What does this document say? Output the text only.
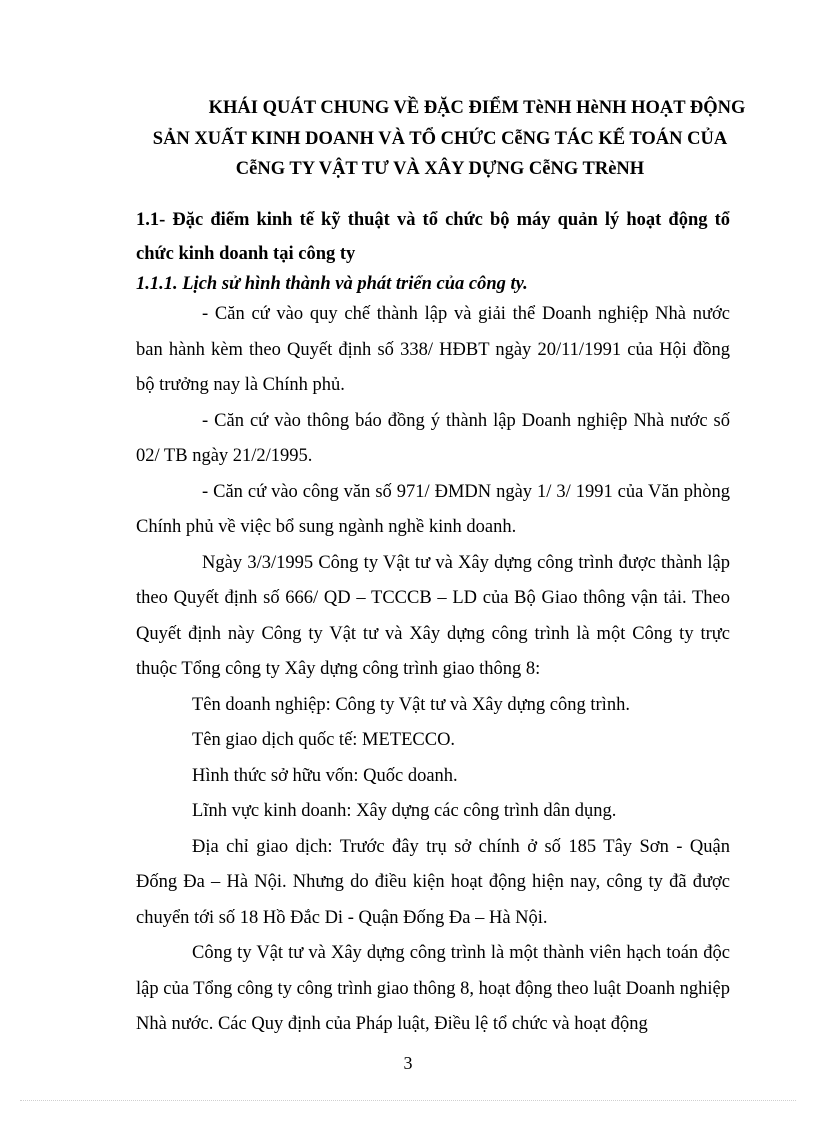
KHÁI QUÁT CHUNG VỀ ĐẶC ĐIỂM TèNH HèNH HOẠT ĐỘNG
SẢN XUẤT KINH DOANH VÀ TỔ CHỨC CễNG TÁC KẾ TOÁN CỦA
CễNG TY VẬT TƯ VÀ XÂY DỰNG CễNG TRèNH

1.1- Đặc điểm kinh tế kỹ thuật và tổ chức bộ máy quản lý hoạt động tổ chức kinh doanh tại công ty

1.1.1. Lịch sử hình thành và phát triển của công ty.

- Căn cứ vào quy chế thành lập và giải thể Doanh nghiệp Nhà nước ban hành kèm theo Quyết định số 338/ HĐBT ngày 20/11/1991 của Hội đồng bộ trưởng nay là Chính phủ.

- Căn cứ vào thông báo đồng ý thành lập Doanh nghiệp Nhà nước số 02/ TB ngày 21/2/1995.

- Căn cứ vào công văn số 971/ ĐMDN ngày 1/ 3/ 1991 của Văn phòng Chính phủ về việc bổ sung ngành nghề kinh doanh.

Ngày 3/3/1995 Công ty Vật tư và Xây dựng công trình được thành lập theo Quyết định số 666/ QD – TCCCB – LD của Bộ Giao thông vận tải. Theo Quyết định này Công ty Vật tư và Xây dựng công trình là một Công ty trực thuộc Tổng công ty Xây dựng công trình giao thông 8:

Tên doanh nghiệp: Công ty Vật tư và Xây dựng công trình.

Tên giao dịch quốc tế: METECCO.

Hình thức sở hữu vốn: Quốc doanh.

Lĩnh vực kinh doanh: Xây dựng các công trình dân dụng.

Địa chỉ giao dịch: Trước đây trụ sở chính ở số 185 Tây Sơn - Quận Đống Đa – Hà Nội. Nhưng do điều kiện hoạt động hiện nay, công ty đã được chuyển tới số 18 Hồ Đắc Di - Quận Đống Đa – Hà Nội.

Công ty Vật tư và Xây dựng công trình là một thành viên hạch toán độc lập của Tổng công ty công trình giao thông 8, hoạt động theo luật Doanh nghiệp Nhà nước. Các Quy định của Pháp luật, Điều lệ tổ chức và hoạt động

3
